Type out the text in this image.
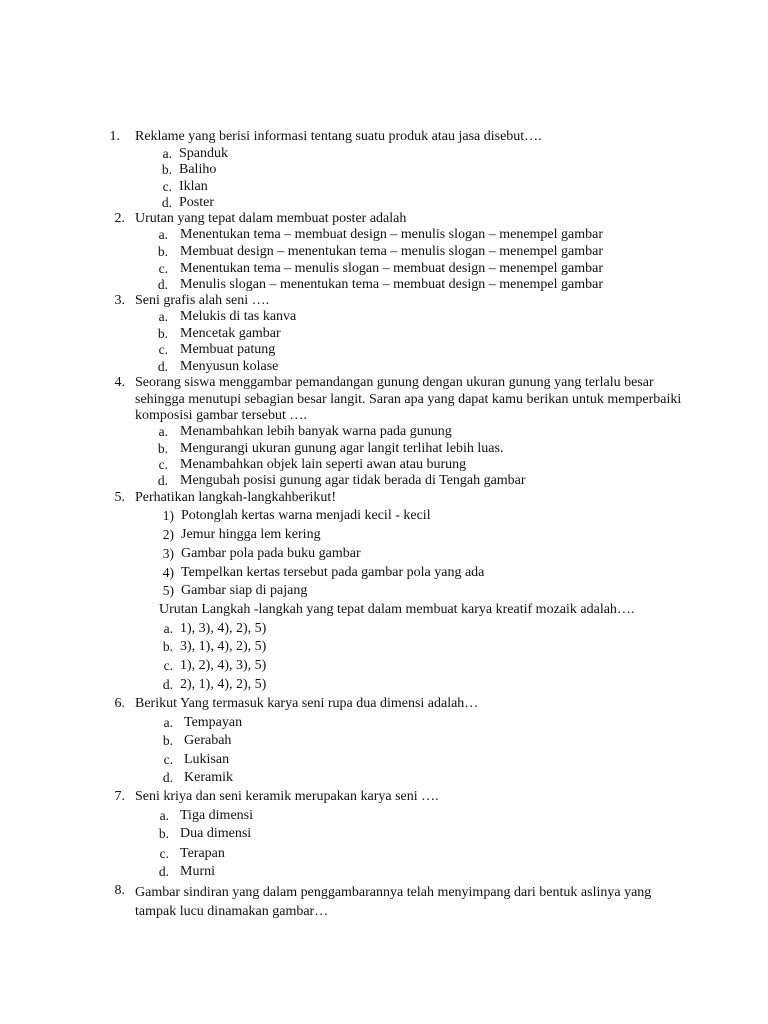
1. Reklame yang berisi informasi tentang suatu produk atau jasa disebut….
a. Spanduk
b. Baliho
c. Iklan
d. Poster
2. Urutan yang tepat dalam membuat poster adalah
a. Menentukan tema – membuat design – menulis slogan – menempel gambar
b. Membuat design – menentukan tema – menulis slogan – menempel gambar
c. Menentukan tema – menulis slogan – membuat design – menempel gambar
d. Menulis slogan – menentukan tema – membuat design – menempel gambar
3. Seni grafis alah seni ….
a. Melukis di tas kanva
b. Mencetak gambar
c. Membuat patung
d. Menyusun kolase
4. Seorang siswa menggambar pemandangan gunung dengan ukuran gunung yang terlalu besar
sehingga menutupi sebagian besar langit. Saran apa yang dapat kamu berikan untuk memperbaiki
komposisi gambar tersebut ….
a. Menambahkan lebih banyak warna pada gunung
b. Mengurangi ukuran gunung agar langit terlihat lebih luas.
c. Menambahkan objek lain seperti awan atau burung
d. Mengubah posisi gunung agar tidak berada di Tengah gambar
5. Perhatikan langkah-langkahberikut!
1) Potonglah kertas warna menjadi kecil - kecil
2) Jemur hingga lem kering
3) Gambar pola pada buku gambar
4) Tempelkan kertas tersebut pada gambar pola yang ada
5) Gambar siap di pajang
Urutan Langkah -langkah yang tepat dalam membuat karya kreatif mozaik adalah….
a. 1), 3), 4), 2), 5)
b. 3), 1), 4), 2), 5)
c. 1), 2), 4), 3), 5)
d. 2), 1), 4), 2), 5)
6. Berikut Yang termasuk karya seni rupa dua dimensi adalah…
a. Tempayan
b. Gerabah
c. Lukisan
d. Keramik
7. Seni kriya dan seni keramik merupakan karya seni ….
a. Tiga dimensi
b. Dua dimensi
c. Terapan
d. Murni
8. Gambar sindiran yang dalam penggambarannya telah menyimpang dari bentuk aslinya yang
tampak lucu dinamakan gambar…
